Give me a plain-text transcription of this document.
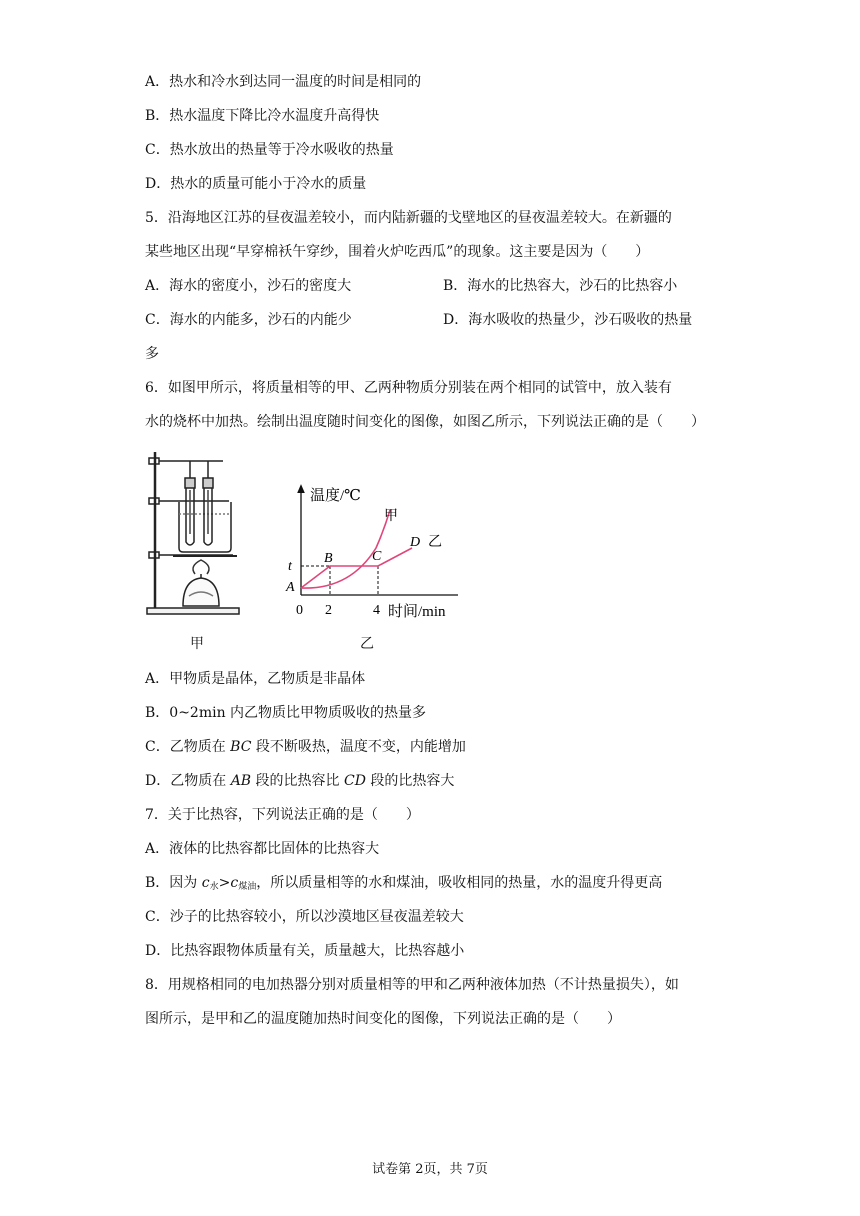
A．热水和冷水到达同一温度的时间是相同的
B．热水温度下降比冷水温度升高得快
C．热水放出的热量等于冷水吸收的热量
D．热水的质量可能小于冷水的质量
5．沿海地区江苏的昼夜温差较小，而内陆新疆的戈壁地区的昼夜温差较大。在新疆的
某些地区出现“早穿棉袄午穿纱，围着火炉吃西瓜”的现象。这主要是因为（　　）
A．海水的密度小，沙石的密度大	B．海水的比热容大，沙石的比热容小
C．海水的内能多，沙石的内能少	D．海水吸收的热量少，沙石吸收的热量
多
6．如图甲所示，将质量相等的甲、乙两种物质分别装在两个相同的试管中，放入装有
水的烧杯中加热。绘制出温度随时间变化的图像，如图乙所示，下列说法正确的是（　　）
甲
温度/℃
时间/min
0 2	4
t
A
B	C
D
甲
乙
乙
A．甲物质是晶体，乙物质是非晶体
B．0~2min 内乙物质比甲物质吸收的热量多
C．乙物质在 BC 段不断吸热，温度不变，内能增加
D．乙物质在 AB 段的比热容比 CD 段的比热容大
7．关于比热容，下列说法正确的是（　　）
A．液体的比热容都比固体的比热容大
B．因为 $c_水>c_{煤油}$，所以质量相等的水和煤油，吸收相同的热量，水的温度升得更高
C．沙子的比热容较小，所以沙漠地区昼夜温差较大
D．比热容跟物体质量有关，质量越大，比热容越小
8．用规格相同的电加热器分别对质量相等的甲和乙两种液体加热（不计热量损失），如
图所示，是甲和乙的温度随加热时间变化的图像，下列说法正确的是（　　）
试卷第 2页，共 7页
